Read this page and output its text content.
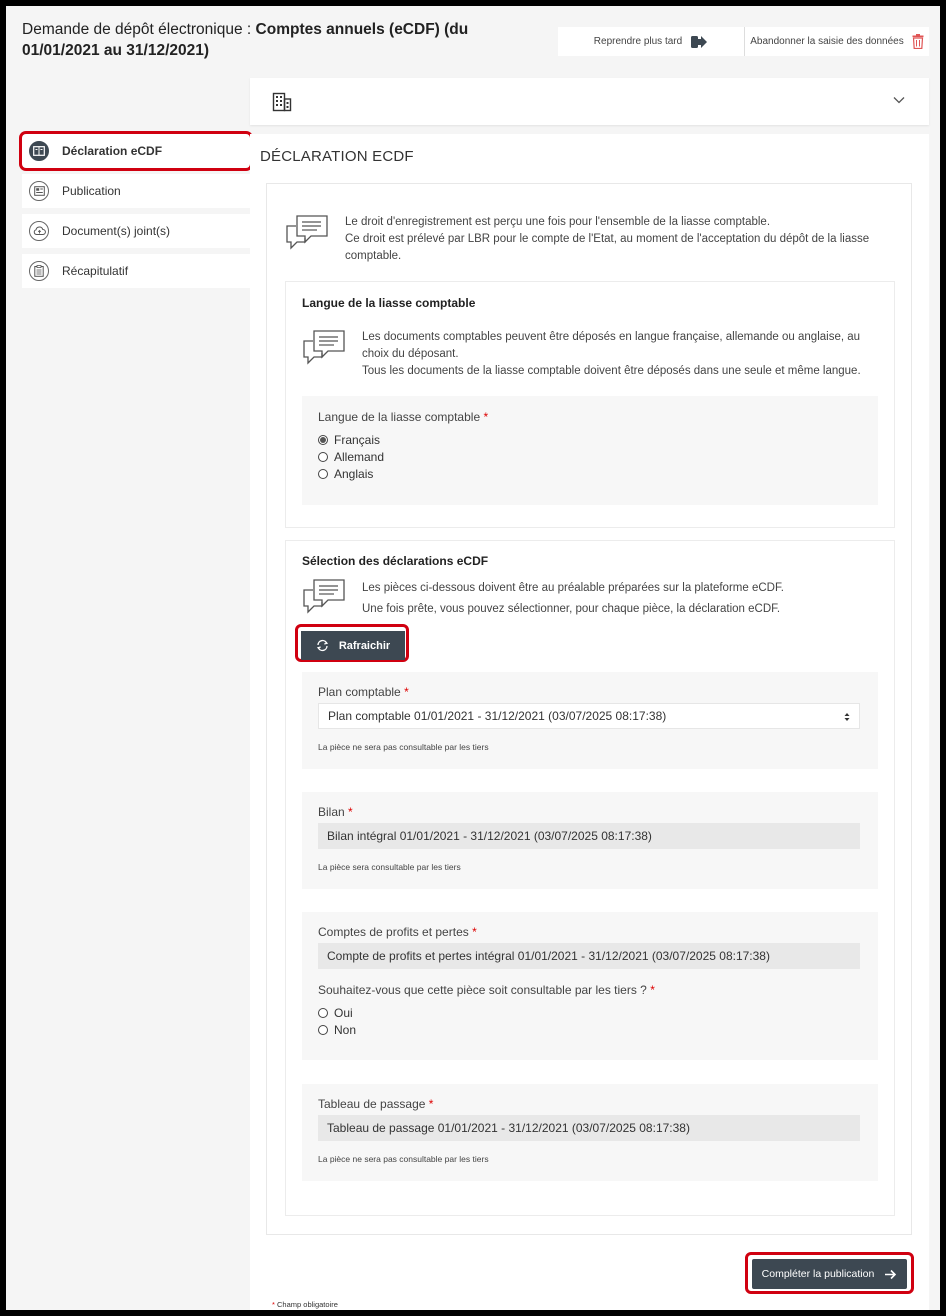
Demande de dépôt électronique : Comptes annuels (eCDF) (du 01/01/2021 au 31/12/2021)
Reprendre plus tard	Abandonner la saisie des données
Déclaration eCDF
Publication
Document(s) joint(s)
Récapitulatif
DÉCLARATION ECDF
Le droit d'enregistrement est perçu une fois pour l'ensemble de la liasse comptable.
Ce droit est prélevé par LBR pour le compte de l'Etat, au moment de l'acceptation du dépôt de la liasse comptable.
Langue de la liasse comptable
Les documents comptables peuvent être déposés en langue française, allemande ou anglaise, au choix du déposant.
Tous les documents de la liasse comptable doivent être déposés dans une seule et même langue.
Langue de la liasse comptable *
Français
Allemand
Anglais
Sélection des déclarations eCDF
Les pièces ci-dessous doivent être au préalable préparées sur la plateforme eCDF.
Une fois prête, vous pouvez sélectionner, pour chaque pièce, la déclaration eCDF.
Plan comptable *
Plan comptable 01/01/2021 - 31/12/2021 (03/07/2025 08:17:38)
La pièce ne sera pas consultable par les tiers
Bilan *
Bilan intégral 01/01/2021 - 31/12/2021 (03/07/2025 08:17:38)
La pièce sera consultable par les tiers
Comptes de profits et pertes *
Compte de profits et pertes intégral 01/01/2021 - 31/12/2021 (03/07/2025 08:17:38)
Souhaitez-vous que cette pièce soit consultable par les tiers ? *
Oui
Non
Tableau de passage *
Tableau de passage 01/01/2021 - 31/12/2021 (03/07/2025 08:17:38)
La pièce ne sera pas consultable par les tiers
Rafraichir
Compléter la publication
* Champ obligatoire
